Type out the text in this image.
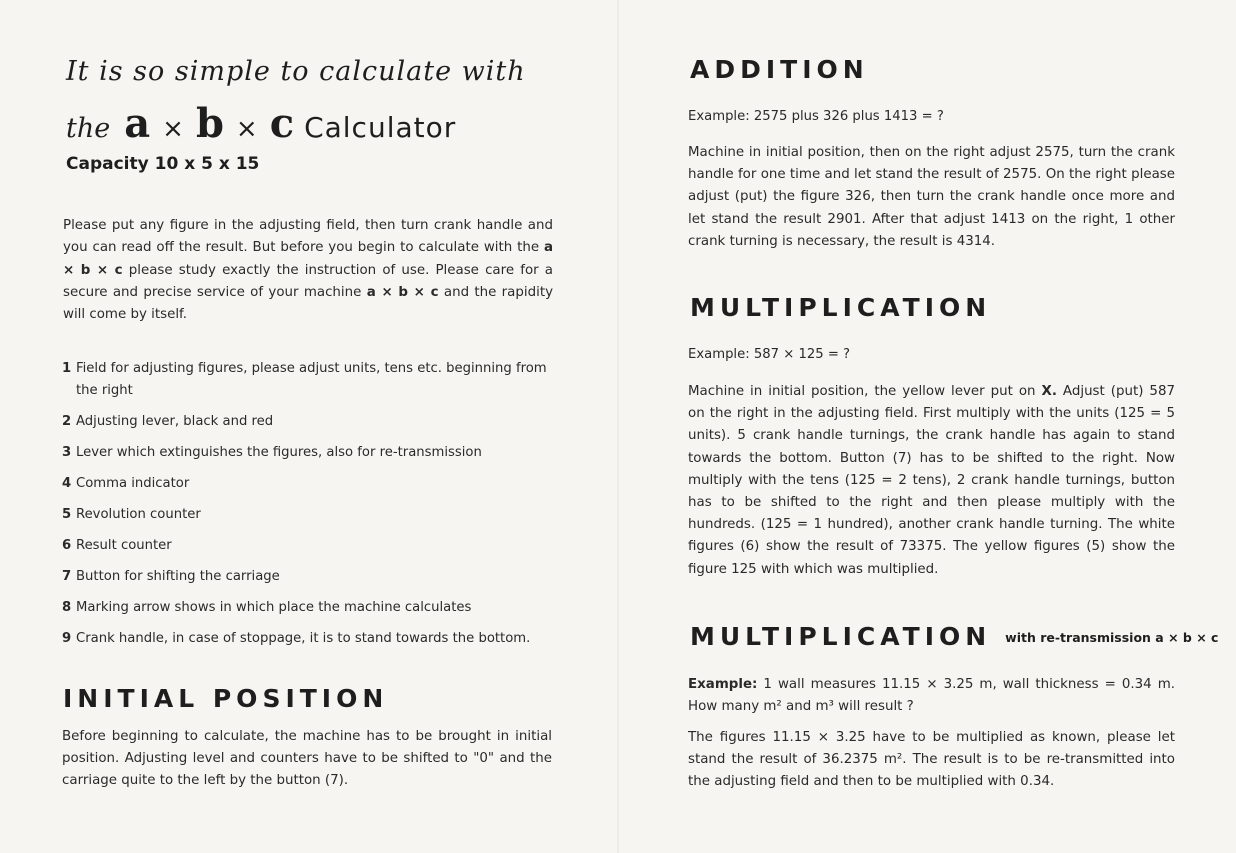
It is so simple to calculate with
the a × b × c Calculator
Capacity 10 x 5 x 15
Please put any figure in the adjusting field, then turn crank handle and you can read off the result. But before you begin to calculate with the a × b × c please study exactly the instruction of use. Please care for a secure and precise service of your machine a × b × c and the rapidity will come by itself.
1 Field for adjusting figures, please adjust units, tens etc. beginning from the right
2 Adjusting lever, black and red
3 Lever which extinguishes the figures, also for re-transmission
4 Comma indicator
5 Revolution counter
6 Result counter
7 Button for shifting the carriage
8 Marking arrow shows in which place the machine calculates
9 Crank handle, in case of stoppage, it is to stand towards the bottom.
INITIAL POSITION
Before beginning to calculate, the machine has to be brought in initial position. Adjusting level and counters have to be shifted to "0" and the carriage quite to the left by the button (7).
ADDITION
Example: 2575 plus 326 plus 1413 = ?
Machine in initial position, then on the right adjust 2575, turn the crank handle for one time and let stand the result of 2575. On the right please adjust (put) the figure 326, then turn the crank handle once more and let stand the result 2901. After that adjust 1413 on the right, 1 other crank turning is necessary, the result is 4314.
MULTIPLICATION
Example: 587 × 125 = ?
Machine in initial position, the yellow lever put on X. Adjust (put) 587 on the right in the adjusting field. First multiply with the units (125 = 5 units). 5 crank handle turnings, the crank handle has again to stand towards the bottom. Button (7) has to be shifted to the right. Now multiply with the tens (125 = 2 tens), 2 crank handle turnings, button has to be shifted to the right and then please multiply with the hundreds. (125 = 1 hundred), another crank handle turning. The white figures (6) show the result of 73375. The yellow figures (5) show the figure 125 with which was multiplied.
MULTIPLICATION $^{with re-transmission a \times b \times c}$
Example: 1 wall measures 11.15 × 3.25 m, wall thickness = 0.34 m. How many m² and m³ will result ?
The figures 11.15 × 3.25 have to be multiplied as known, please let stand the result of 36.2375 m². The result is to be re-transmitted into the adjusting field and then to be multiplied with 0.34.
